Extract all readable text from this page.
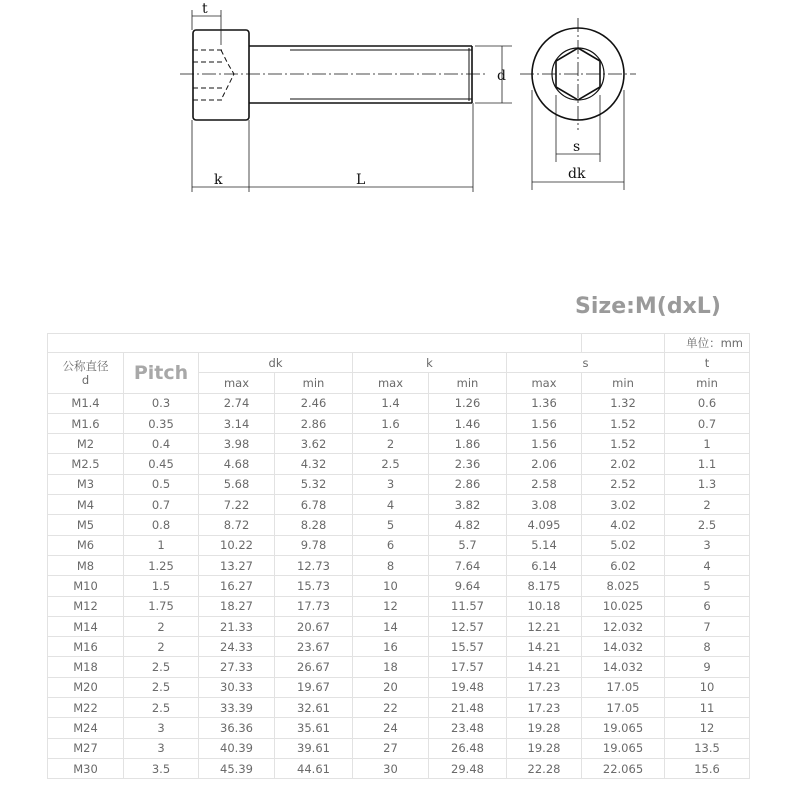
t
d
k	L
s
dk
Size:M(dxL)
								单位：mm

公称直径
d	Pitch	dk		k		s		t
		max	min	max	min	max	min	min
M1.4	0.3	2.74	2.46	1.4	1.26	1.36	1.32	0.6
M1.6	0.35	3.14	2.86	1.6	1.46	1.56	1.52	0.7
M2	0.4	3.98	3.62	2	1.86	1.56	1.52	1
M2.5	0.45	4.68	4.32	2.5	2.36	2.06	2.02	1.1
M3	0.5	5.68	5.32	3	2.86	2.58	2.52	1.3
M4	0.7	7.22	6.78	4	3.82	3.08	3.02	2
M5	0.8	8.72	8.28	5	4.82	4.095	4.02	2.5
M6	1	10.22	9.78	6	5.7	5.14	5.02	3
M8	1.25	13.27	12.73	8	7.64	6.14	6.02	4
M10	1.5	16.27	15.73	10	9.64	8.175	8.025	5
M12	1.75	18.27	17.73	12	11.57	10.18	10.025	6
M14	2	21.33	20.67	14	12.57	12.21	12.032	7
M16	2	24.33	23.67	16	15.57	14.21	14.032	8
M18	2.5	27.33	26.67	18	17.57	14.21	14.032	9
M20	2.5	30.33	19.67	20	19.48	17.23	17.05	10
M22	2.5	33.39	32.61	22	21.48	17.23	17.05	11
M24	3	36.36	35.61	24	23.48	19.28	19.065	12
M27	3	40.39	39.61	27	26.48	19.28	19.065	13.5
M30	3.5	45.39	44.61	30	29.48	22.28	22.065	15.6
